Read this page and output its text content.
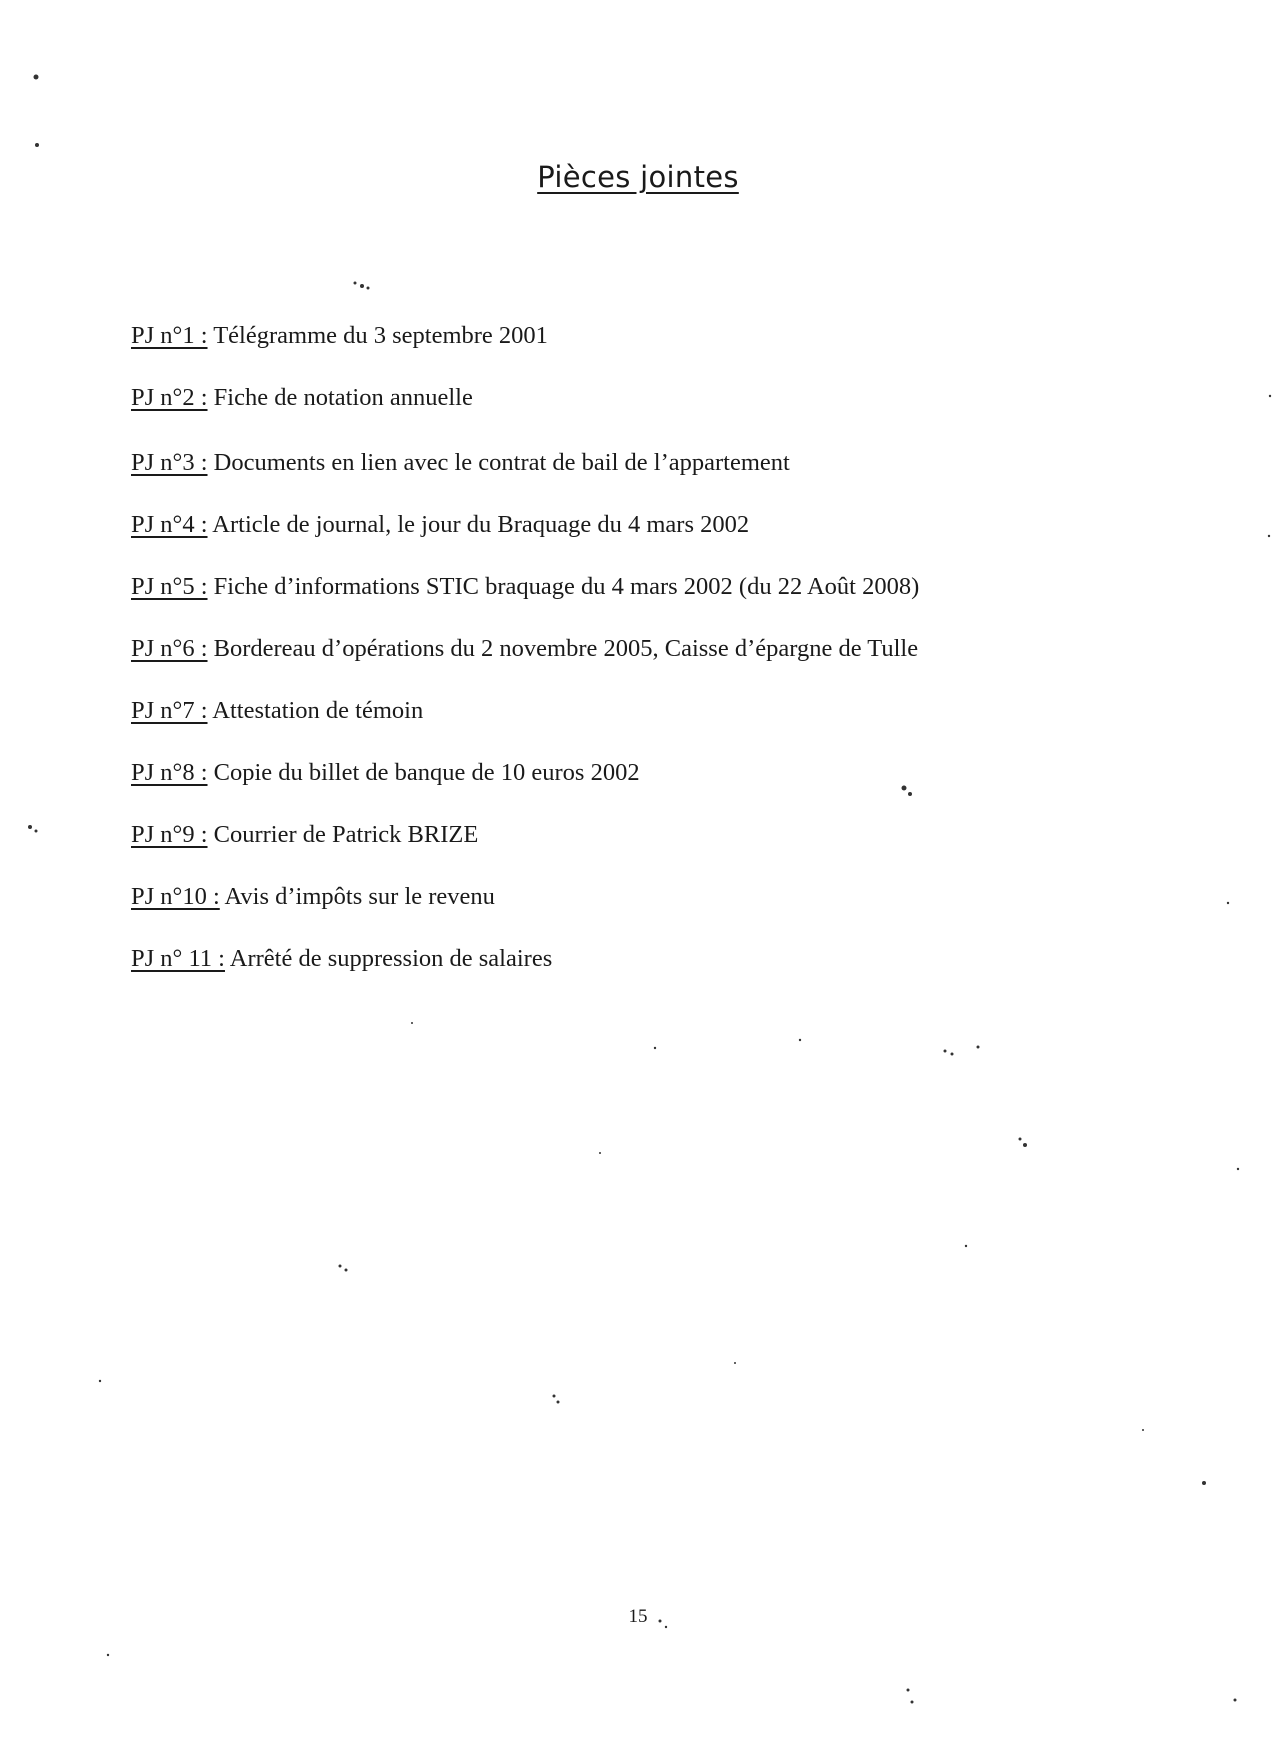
Pièces jointes
PJ n°1 : Télégramme du 3 septembre 2001
PJ n°2 : Fiche de notation annuelle
PJ n°3 : Documents en lien avec le contrat de bail de l’appartement
PJ n°4 : Article de journal, le jour du Braquage du 4 mars 2002
PJ n°5 : Fiche d’informations STIC braquage du 4 mars 2002 (du 22 Août 2008)
PJ n°6 : Bordereau d’opérations du 2 novembre 2005, Caisse d’épargne de Tulle
PJ n°7 : Attestation de témoin
PJ n°8 : Copie du billet de banque de 10 euros 2002
PJ n°9 : Courrier de Patrick BRIZE
PJ n°10 : Avis d’impôts sur le revenu
PJ n° 11 : Arrêté de suppression de salaires
15
